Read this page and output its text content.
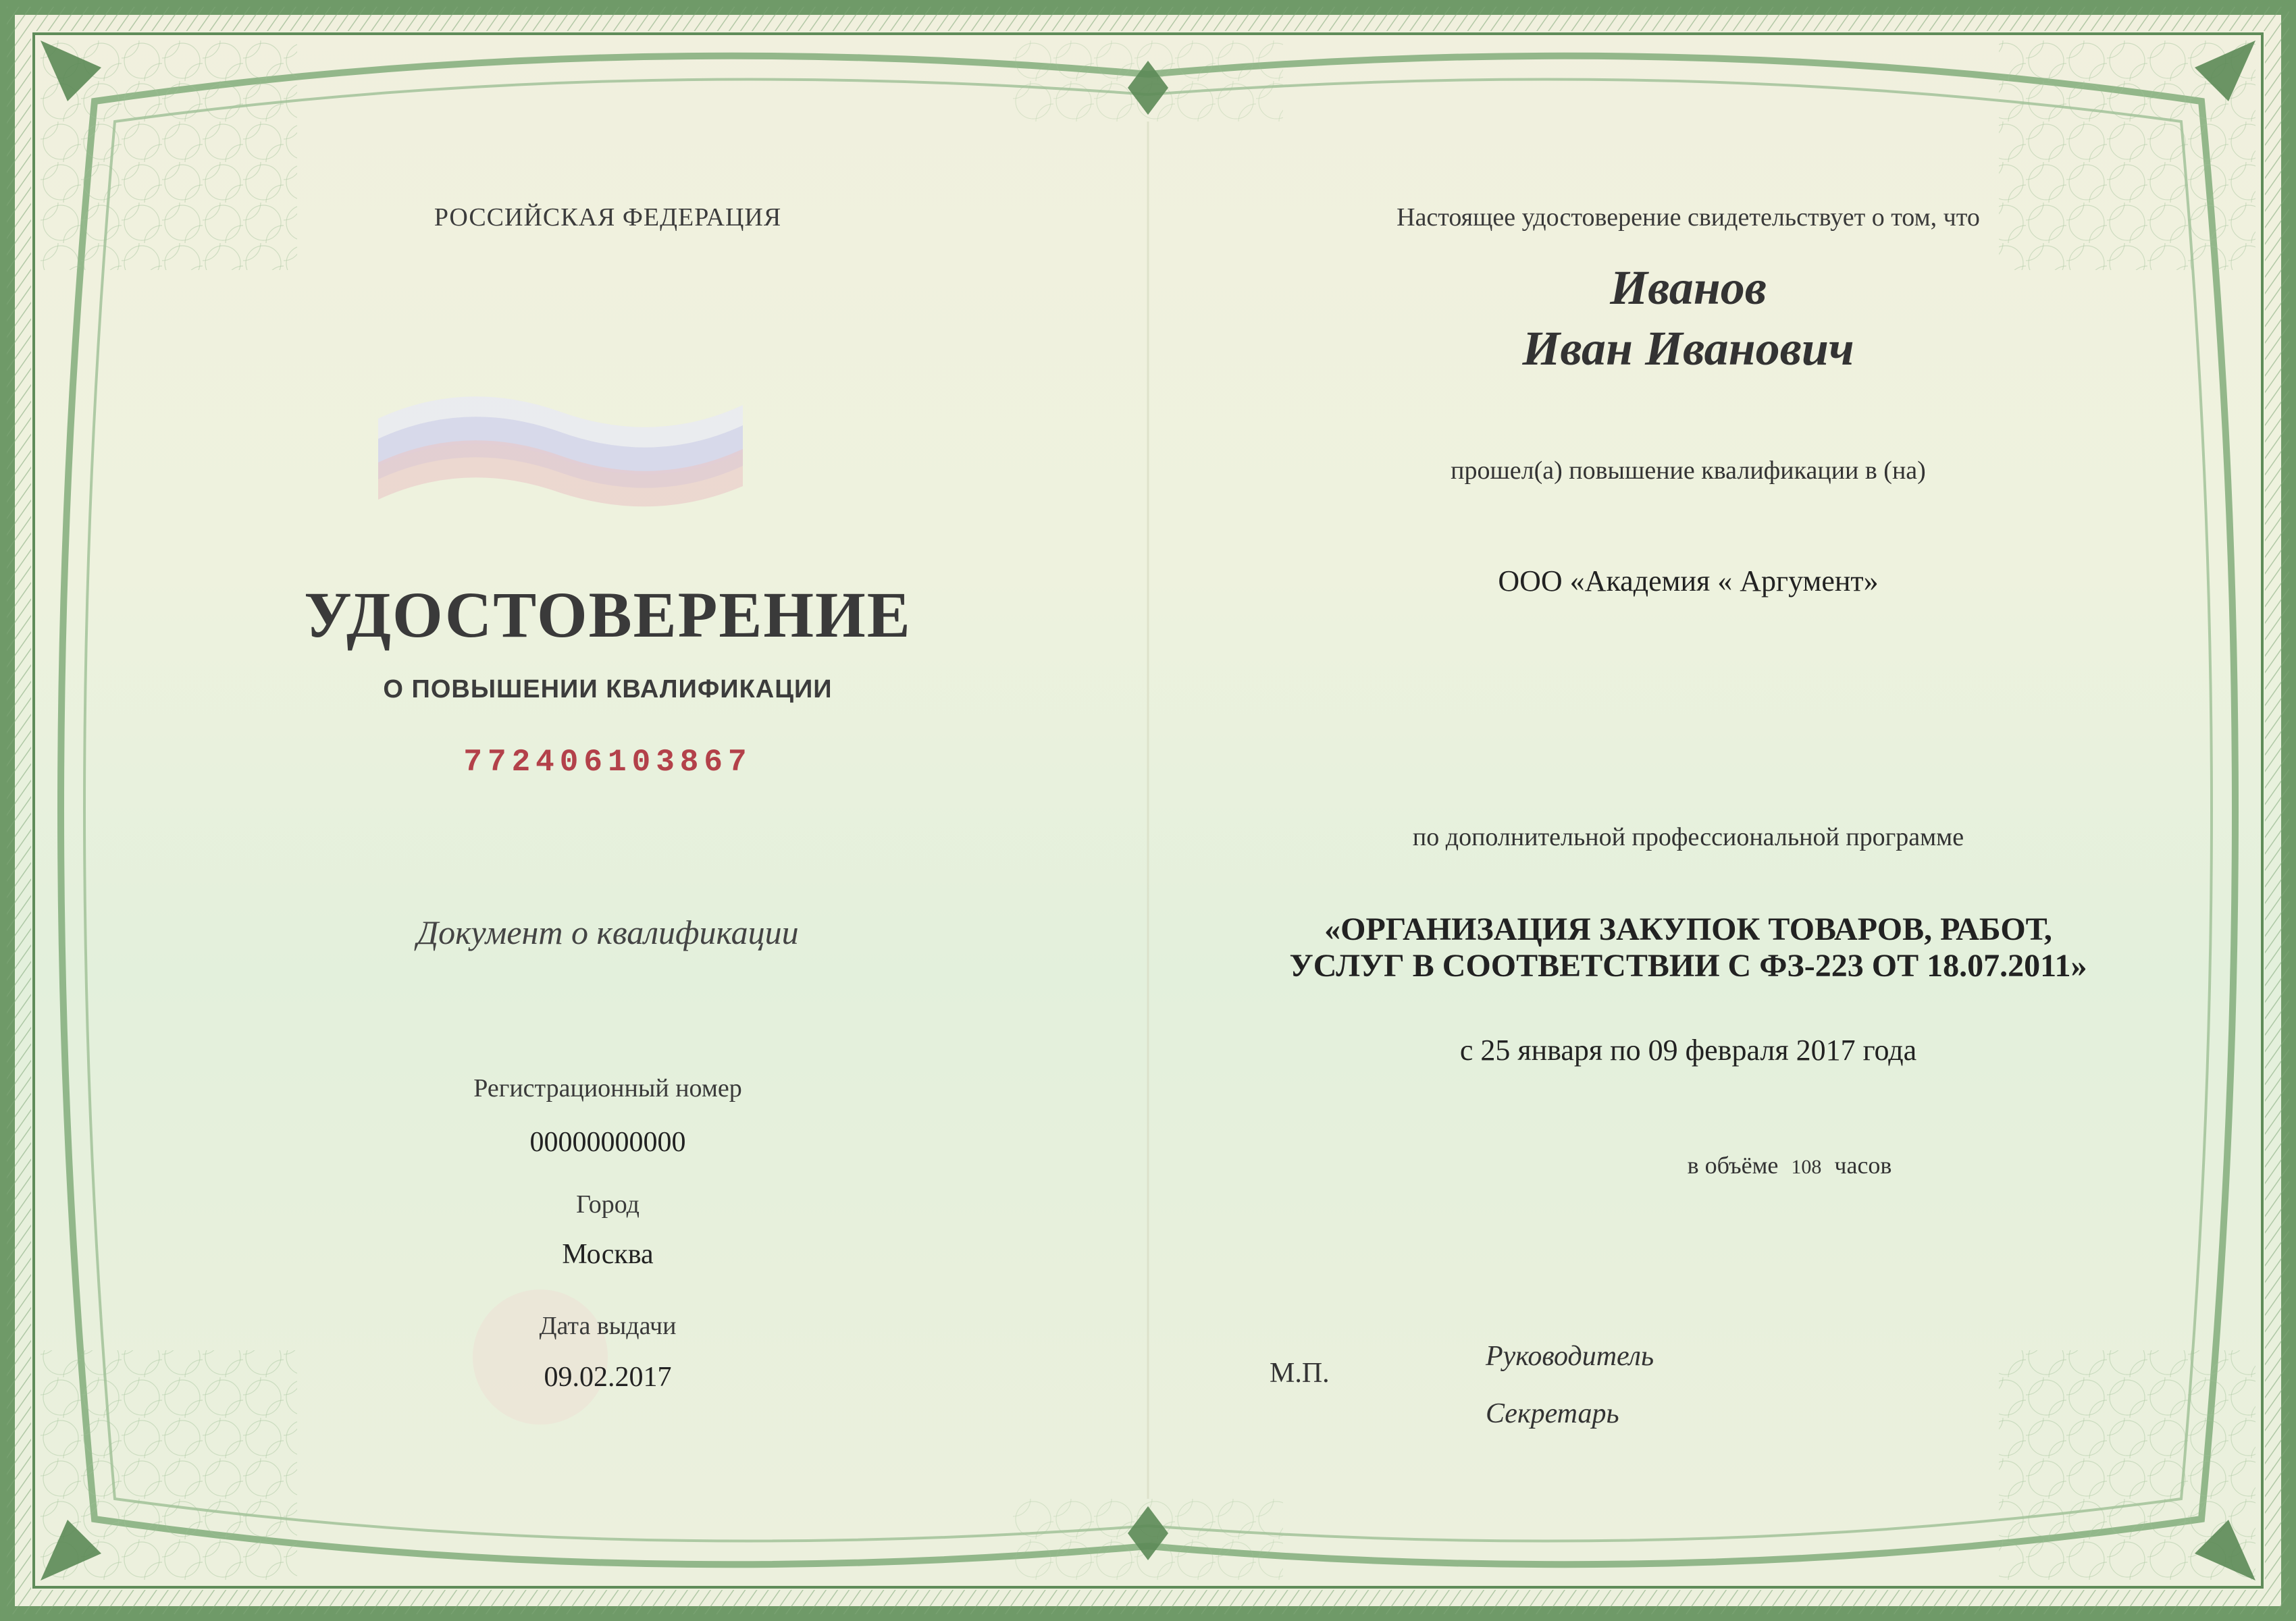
РОССИЙСКАЯ ФЕДЕРАЦИЯ
УДОСТОВЕРЕНИЕ
О ПОВЫШЕНИИ КВАЛИФИКАЦИИ
772406103867
Документ о квалификации
Регистрационный номер
00000000000
Город
Москва
Дата выдачи
09.02.2017
Настоящее удостоверение свидетельствует о том, что
Иванов
Иван Иванович
прошел(а) повышение квалификации в (на)
ООО «Академия « Аргумент»
по дополнительной профессиональной программе
«ОРГАНИЗАЦИЯ ЗАКУПОК ТОВАРОВ, РАБОТ,
УСЛУГ В СООТВЕТСТВИИ С ФЗ-223 ОТ 18.07.2011»
с 25 января по 09 февраля 2017 года
в объёме 108 часов
М.П.
Руководитель
Секретарь
